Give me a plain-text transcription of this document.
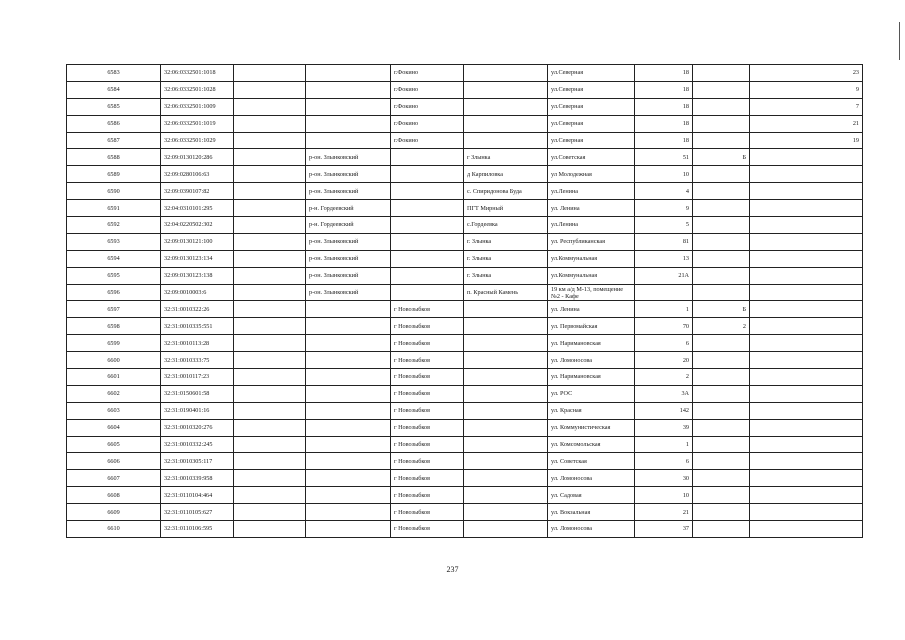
6583	32:06:0332501:1018			г.Фокино		ул.Северная	18		23
6584	32:06:0332501:1028			г.Фокино		ул.Северная	18		9
6585	32:06:0332501:1009			г.Фокино		ул.Северная	18		7
6586	32:06:0332501:1019			г.Фокино		ул.Северная	18		21
6587	32:06:0332501:1029			г.Фокино		ул.Северная	18		19
6588	32:09:0130120:286		р-он. Злынковский		г Злынка	ул.Советская	51	Б	
6589	32:09:0280106:63		р-он. Злынковский		д Карпиловка	ул Молодежная	10		
6590	32:09:0390107:82		р-он. Злынковский		с. Спиридонова Буда	ул.Ленина	4		
6591	32:04:0310101:295		р-н. Гордеевский		ПГТ Мирный	ул. Ленина	9		
6592	32:04:0220502:302		р-н. Гордеевский		с.Гордеевка	ул.Ленина	5		
6593	32:09:0130121:100		р-он. Злынковский		г. Злынка	ул. Республиканская	81		
6594	32:09:0130123:134		р-он. Злынковский		г. Злынка	ул.Коммунальная	13		
6595	32:09:0130123:138		р-он. Злынковский		г. Злынка	ул.Коммунальная	21А		
6596	32:09:0010003:6		р-он. Злынковский		п. Красный Камень	19 км а/д М-13, помещение №2 - Кафе			
6597	32:31:0010322:26			г Новозыбков		ул. Ленина	1	Б	
6598	32:31:0010335:551			г Новозыбков		ул. Первомайская	70	2	
6599	32:31:0010113:28			г Новозыбков		ул. Наримановская	6		
6600	32:31:0010333:75			г Новозыбков		ул. Ломоносова	20		
6601	32:31:0010117:23			г Новозыбков		ул. Наримановская	2		
6602	32:31:0150601:58			г Новозыбков		ул. РОС	3А		
6603	32:31:0190401:16			г Новозыбков		ул. Красная	142		
6604	32:31:0010320:276			г Новозыбков		ул. Коммунистическая	39		
6605	32:31:0010332:245			г Новозыбков		ул. Комсомольская	1		
6606	32:31:0010305:117			г Новозыбков		ул. Советская	6		
6607	32:31:0010339:958			г Новозыбков		ул. Ломоносова	30		
6608	32:31:0110104:464			г Новозыбков		ул. Садовая	10		
6609	32:31:0110105:627			г Новозыбков		ул. Вокзальная	21		
6610	32:31:0110106:595			г Новозыбков		ул. Ломоносова	37		
237
